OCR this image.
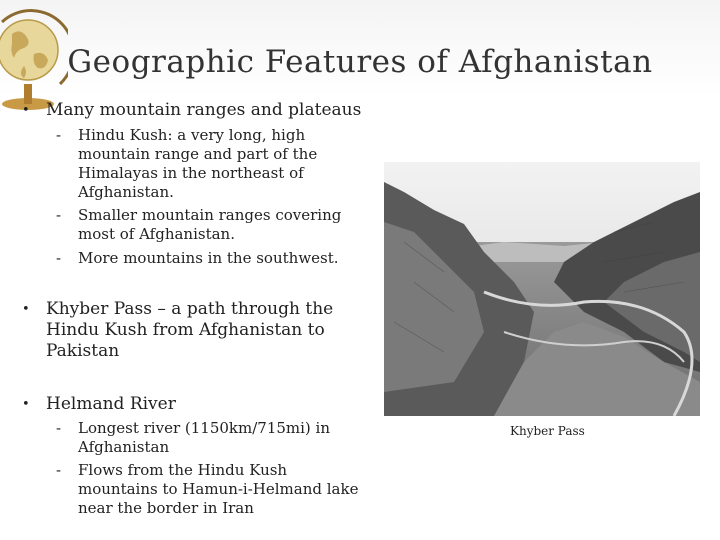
Geographic Features of Afghanistan
• Many mountain ranges and plateaus
- Hindu Kush: a very long, high mountain range and part of the Himalayas in the northeast of Afghanistan.
- Smaller mountain ranges covering most of Afghanistan.
- More mountains in the southwest.
• Khyber Pass – a path through the Hindu Kush from Afghanistan to Pakistan
• Helmand River
- Longest river (1150km/715mi) in Afghanistan
- Flows from the Hindu Kush mountains to Hamun-i-Helmand lake near the border in Iran
Khyber Pass
